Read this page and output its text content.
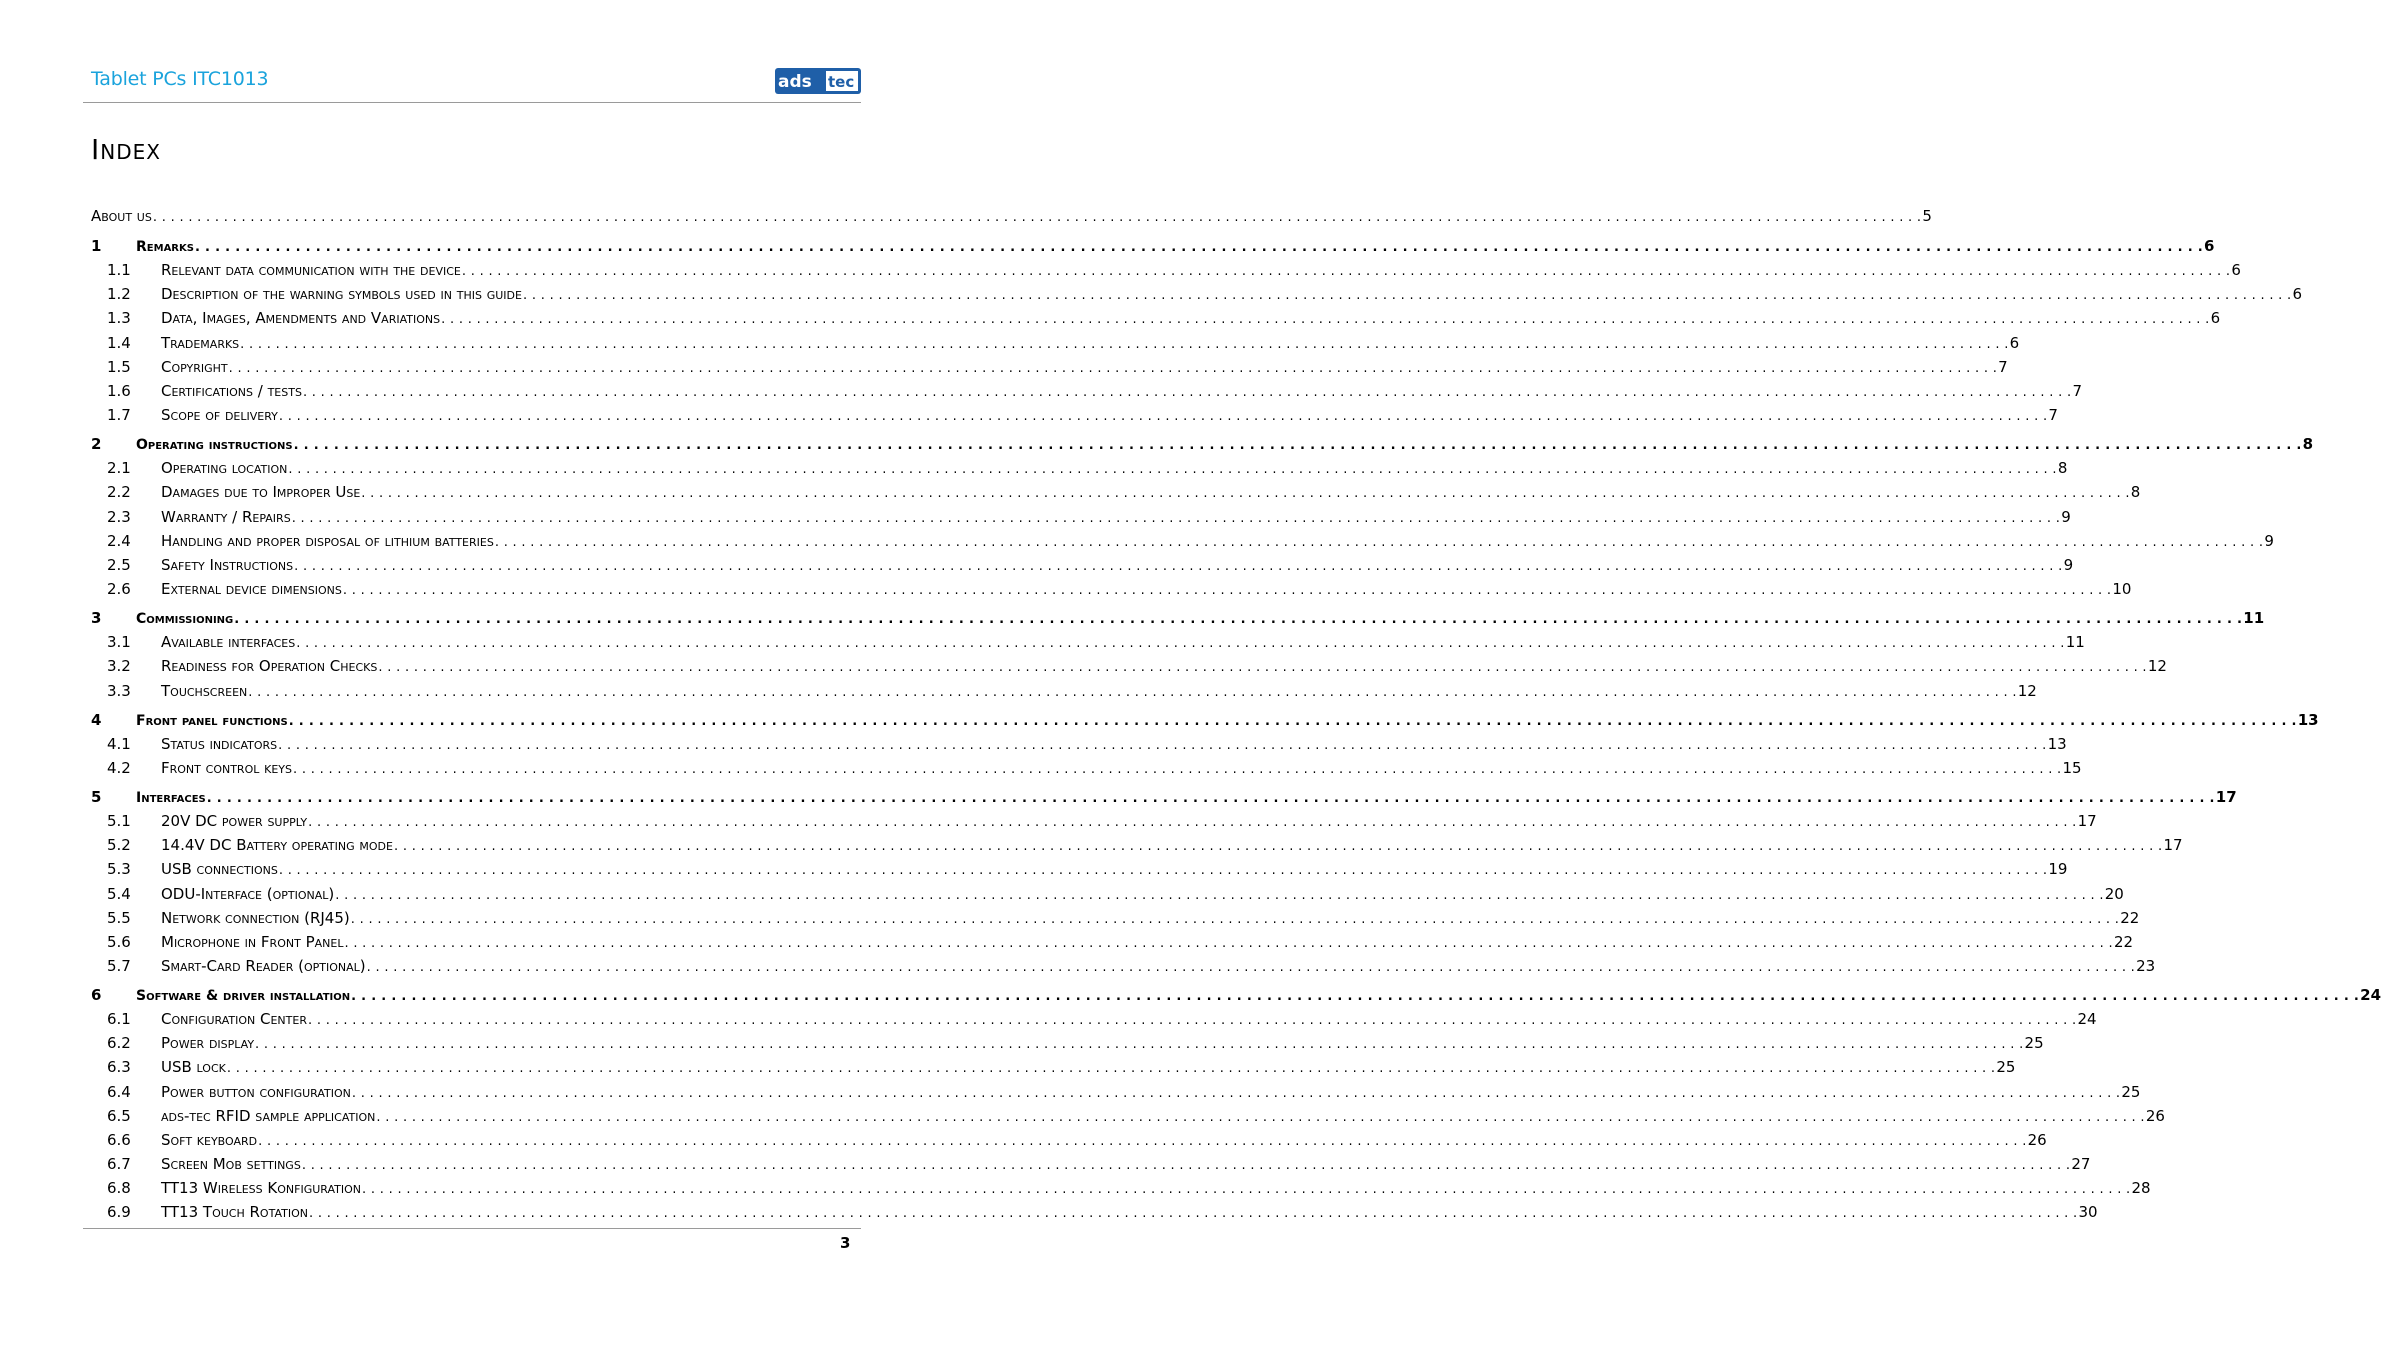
Tablet PCs ITC1013	ads tec
Index
About us . . . . . . . . . . . . . . . . . . . . . . . . . . . . . . . . . . . . . . . . . . . . . . . . . . . . . . . . . . . . . . . . . . . . . . . . . . . . . . . . . . . . . . . . . . . . . . . . . . . . . . . . . . . . . . . . . . . . . . . . . . . . . . . . . . . . . . . . . . . . . . . . . . . . . . . . . . . . . . . . . . . . . . . . . . . . . . . . . . . . . . . . . . . . . . . . . . . . . . . . 5
1 Remarks . . . . . . . . . . . . . . . . . . . . . . . . . . . . . . . . . . . . . . . . . . . . . . . . . . . . . . . . . . . . . . . . . . . . . . . . . . . . . . . . . . . . . . . . . . . . . . . . . . . . . . . . . . . . . . . . . . . . . . . . . . . . . . . . . . . . . . . . . . . . . . . . . . . . . . . . . . . . . . . . . . . . . . . . . . . . . . . . . . . . . . . . . . . . . . . . . . . . . . . . 6
1.1 Relevant data communication with the device . . . . . . . . . . . . . . . . . . . . . . . . . . . . . . . . . . . . . . . . . . . . . . . . . . . . . . . . . . . . . . . . . . . . . . . . . . . . . . . . . . . . . . . . . . . . . . . . . . . . . . . . . . . . . . . . . . . . . . . . . . . . . . . . . . . . . . . . . . . . . . . . . . . . . . . . . . . . . . . . . . . . . . . . . . . . . . . . . . . . . . . . . . . . . . . . . . . . . . . . 6
1.2 Description of the warning symbols used in this guide . . . . . . . . . . . . . . . . . . . . . . . . . . . . . . . . . . . . . . . . . . . . . . . . . . . . . . . . . . . . . . . . . . . . . . . . . . . . . . . . . . . . . . . . . . . . . . . . . . . . . . . . . . . . . . . . . . . . . . . . . . . . . . . . . . . . . . . . . . . . . . . . . . . . . . . . . . . . . . . . . . . . . . . . . . . . . . . . . . . . . . . . . . . . . . . . . . . . . . . . 6
1.3 Data, Images, Amendments and Variations . . . . . . . . . . . . . . . . . . . . . . . . . . . . . . . . . . . . . . . . . . . . . . . . . . . . . . . . . . . . . . . . . . . . . . . . . . . . . . . . . . . . . . . . . . . . . . . . . . . . . . . . . . . . . . . . . . . . . . . . . . . . . . . . . . . . . . . . . . . . . . . . . . . . . . . . . . . . . . . . . . . . . . . . . . . . . . . . . . . . . . . . . . . . . . . . . . . . . . . . 6
1.4 Trademarks . . . . . . . . . . . . . . . . . . . . . . . . . . . . . . . . . . . . . . . . . . . . . . . . . . . . . . . . . . . . . . . . . . . . . . . . . . . . . . . . . . . . . . . . . . . . . . . . . . . . . . . . . . . . . . . . . . . . . . . . . . . . . . . . . . . . . . . . . . . . . . . . . . . . . . . . . . . . . . . . . . . . . . . . . . . . . . . . . . . . . . . . . . . . . . . . . . . . . . . . 6
1.5 Copyright . . . . . . . . . . . . . . . . . . . . . . . . . . . . . . . . . . . . . . . . . . . . . . . . . . . . . . . . . . . . . . . . . . . . . . . . . . . . . . . . . . . . . . . . . . . . . . . . . . . . . . . . . . . . . . . . . . . . . . . . . . . . . . . . . . . . . . . . . . . . . . . . . . . . . . . . . . . . . . . . . . . . . . . . . . . . . . . . . . . . . . . . . . . . . . . . . . . . . . . . 7
1.6 Certifications / tests . . . . . . . . . . . . . . . . . . . . . . . . . . . . . . . . . . . . . . . . . . . . . . . . . . . . . . . . . . . . . . . . . . . . . . . . . . . . . . . . . . . . . . . . . . . . . . . . . . . . . . . . . . . . . . . . . . . . . . . . . . . . . . . . . . . . . . . . . . . . . . . . . . . . . . . . . . . . . . . . . . . . . . . . . . . . . . . . . . . . . . . . . . . . . . . . . . . . . . . . 7
1.7 Scope of delivery . . . . . . . . . . . . . . . . . . . . . . . . . . . . . . . . . . . . . . . . . . . . . . . . . . . . . . . . . . . . . . . . . . . . . . . . . . . . . . . . . . . . . . . . . . . . . . . . . . . . . . . . . . . . . . . . . . . . . . . . . . . . . . . . . . . . . . . . . . . . . . . . . . . . . . . . . . . . . . . . . . . . . . . . . . . . . . . . . . . . . . . . . . . . . . . . . . . . . . . . 7
2 Operating instructions . . . . . . . . . . . . . . . . . . . . . . . . . . . . . . . . . . . . . . . . . . . . . . . . . . . . . . . . . . . . . . . . . . . . . . . . . . . . . . . . . . . . . . . . . . . . . . . . . . . . . . . . . . . . . . . . . . . . . . . . . . . . . . . . . . . . . . . . . . . . . . . . . . . . . . . . . . . . . . . . . . . . . . . . . . . . . . . . . . . . . . . . . . . . . . . . . . . . . . . . 8
2.1 Operating location . . . . . . . . . . . . . . . . . . . . . . . . . . . . . . . . . . . . . . . . . . . . . . . . . . . . . . . . . . . . . . . . . . . . . . . . . . . . . . . . . . . . . . . . . . . . . . . . . . . . . . . . . . . . . . . . . . . . . . . . . . . . . . . . . . . . . . . . . . . . . . . . . . . . . . . . . . . . . . . . . . . . . . . . . . . . . . . . . . . . . . . . . . . . . . . . . . . . . . . . 8
2.2 Damages due to Improper Use . . . . . . . . . . . . . . . . . . . . . . . . . . . . . . . . . . . . . . . . . . . . . . . . . . . . . . . . . . . . . . . . . . . . . . . . . . . . . . . . . . . . . . . . . . . . . . . . . . . . . . . . . . . . . . . . . . . . . . . . . . . . . . . . . . . . . . . . . . . . . . . . . . . . . . . . . . . . . . . . . . . . . . . . . . . . . . . . . . . . . . . . . . . . . . . . . . . . . . . . 8
2.3 Warranty / Repairs . . . . . . . . . . . . . . . . . . . . . . . . . . . . . . . . . . . . . . . . . . . . . . . . . . . . . . . . . . . . . . . . . . . . . . . . . . . . . . . . . . . . . . . . . . . . . . . . . . . . . . . . . . . . . . . . . . . . . . . . . . . . . . . . . . . . . . . . . . . . . . . . . . . . . . . . . . . . . . . . . . . . . . . . . . . . . . . . . . . . . . . . . . . . . . . . . . . . . . . . 9
2.4 Handling and proper disposal of lithium batteries . . . . . . . . . . . . . . . . . . . . . . . . . . . . . . . . . . . . . . . . . . . . . . . . . . . . . . . . . . . . . . . . . . . . . . . . . . . . . . . . . . . . . . . . . . . . . . . . . . . . . . . . . . . . . . . . . . . . . . . . . . . . . . . . . . . . . . . . . . . . . . . . . . . . . . . . . . . . . . . . . . . . . . . . . . . . . . . . . . . . . . . . . . . . . . . . . . . . . . . . 9
2.5 Safety Instructions . . . . . . . . . . . . . . . . . . . . . . . . . . . . . . . . . . . . . . . . . . . . . . . . . . . . . . . . . . . . . . . . . . . . . . . . . . . . . . . . . . . . . . . . . . . . . . . . . . . . . . . . . . . . . . . . . . . . . . . . . . . . . . . . . . . . . . . . . . . . . . . . . . . . . . . . . . . . . . . . . . . . . . . . . . . . . . . . . . . . . . . . . . . . . . . . . . . . . . . . 9
2.6 External device dimensions . . . . . . . . . . . . . . . . . . . . . . . . . . . . . . . . . . . . . . . . . . . . . . . . . . . . . . . . . . . . . . . . . . . . . . . . . . . . . . . . . . . . . . . . . . . . . . . . . . . . . . . . . . . . . . . . . . . . . . . . . . . . . . . . . . . . . . . . . . . . . . . . . . . . . . . . . . . . . . . . . . . . . . . . . . . . . . . . . . . . . . . . . . . . . . . . . . . . . . . . 10
3 Commissioning . . . . . . . . . . . . . . . . . . . . . . . . . . . . . . . . . . . . . . . . . . . . . . . . . . . . . . . . . . . . . . . . . . . . . . . . . . . . . . . . . . . . . . . . . . . . . . . . . . . . . . . . . . . . . . . . . . . . . . . . . . . . . . . . . . . . . . . . . . . . . . . . . . . . . . . . . . . . . . . . . . . . . . . . . . . . . . . . . . . . . . . . . . . . . . . . . . . . . . . . 11
3.1 Available interfaces . . . . . . . . . . . . . . . . . . . . . . . . . . . . . . . . . . . . . . . . . . . . . . . . . . . . . . . . . . . . . . . . . . . . . . . . . . . . . . . . . . . . . . . . . . . . . . . . . . . . . . . . . . . . . . . . . . . . . . . . . . . . . . . . . . . . . . . . . . . . . . . . . . . . . . . . . . . . . . . . . . . . . . . . . . . . . . . . . . . . . . . . . . . . . . . . . . . . . . . . 11
3.2 Readiness for Operation Checks . . . . . . . . . . . . . . . . . . . . . . . . . . . . . . . . . . . . . . . . . . . . . . . . . . . . . . . . . . . . . . . . . . . . . . . . . . . . . . . . . . . . . . . . . . . . . . . . . . . . . . . . . . . . . . . . . . . . . . . . . . . . . . . . . . . . . . . . . . . . . . . . . . . . . . . . . . . . . . . . . . . . . . . . . . . . . . . . . . . . . . . . . . . . . . . . . . . . . . . . 12
3.3 Touchscreen . . . . . . . . . . . . . . . . . . . . . . . . . . . . . . . . . . . . . . . . . . . . . . . . . . . . . . . . . . . . . . . . . . . . . . . . . . . . . . . . . . . . . . . . . . . . . . . . . . . . . . . . . . . . . . . . . . . . . . . . . . . . . . . . . . . . . . . . . . . . . . . . . . . . . . . . . . . . . . . . . . . . . . . . . . . . . . . . . . . . . . . . . . . . . . . . . . . . . . . . 12
4 Front panel functions . . . . . . . . . . . . . . . . . . . . . . . . . . . . . . . . . . . . . . . . . . . . . . . . . . . . . . . . . . . . . . . . . . . . . . . . . . . . . . . . . . . . . . . . . . . . . . . . . . . . . . . . . . . . . . . . . . . . . . . . . . . . . . . . . . . . . . . . . . . . . . . . . . . . . . . . . . . . . . . . . . . . . . . . . . . . . . . . . . . . . . . . . . . . . . . . . . . . . . . . 13
4.1 Status indicators . . . . . . . . . . . . . . . . . . . . . . . . . . . . . . . . . . . . . . . . . . . . . . . . . . . . . . . . . . . . . . . . . . . . . . . . . . . . . . . . . . . . . . . . . . . . . . . . . . . . . . . . . . . . . . . . . . . . . . . . . . . . . . . . . . . . . . . . . . . . . . . . . . . . . . . . . . . . . . . . . . . . . . . . . . . . . . . . . . . . . . . . . . . . . . . . . . . . . . . . 13
4.2 Front control keys . . . . . . . . . . . . . . . . . . . . . . . . . . . . . . . . . . . . . . . . . . . . . . . . . . . . . . . . . . . . . . . . . . . . . . . . . . . . . . . . . . . . . . . . . . . . . . . . . . . . . . . . . . . . . . . . . . . . . . . . . . . . . . . . . . . . . . . . . . . . . . . . . . . . . . . . . . . . . . . . . . . . . . . . . . . . . . . . . . . . . . . . . . . . . . . . . . . . . . . . 15
5 Interfaces . . . . . . . . . . . . . . . . . . . . . . . . . . . . . . . . . . . . . . . . . . . . . . . . . . . . . . . . . . . . . . . . . . . . . . . . . . . . . . . . . . . . . . . . . . . . . . . . . . . . . . . . . . . . . . . . . . . . . . . . . . . . . . . . . . . . . . . . . . . . . . . . . . . . . . . . . . . . . . . . . . . . . . . . . . . . . . . . . . . . . . . . . . . . . . . . . . . . . . . . 17
5.1 20V DC power supply . . . . . . . . . . . . . . . . . . . . . . . . . . . . . . . . . . . . . . . . . . . . . . . . . . . . . . . . . . . . . . . . . . . . . . . . . . . . . . . . . . . . . . . . . . . . . . . . . . . . . . . . . . . . . . . . . . . . . . . . . . . . . . . . . . . . . . . . . . . . . . . . . . . . . . . . . . . . . . . . . . . . . . . . . . . . . . . . . . . . . . . . . . . . . . . . . . . . . . . . 17
5.2 14.4V DC Battery operating mode . . . . . . . . . . . . . . . . . . . . . . . . . . . . . . . . . . . . . . . . . . . . . . . . . . . . . . . . . . . . . . . . . . . . . . . . . . . . . . . . . . . . . . . . . . . . . . . . . . . . . . . . . . . . . . . . . . . . . . . . . . . . . . . . . . . . . . . . . . . . . . . . . . . . . . . . . . . . . . . . . . . . . . . . . . . . . . . . . . . . . . . . . . . . . . . . . . . . . . . . 17
5.3 USB connections . . . . . . . . . . . . . . . . . . . . . . . . . . . . . . . . . . . . . . . . . . . . . . . . . . . . . . . . . . . . . . . . . . . . . . . . . . . . . . . . . . . . . . . . . . . . . . . . . . . . . . . . . . . . . . . . . . . . . . . . . . . . . . . . . . . . . . . . . . . . . . . . . . . . . . . . . . . . . . . . . . . . . . . . . . . . . . . . . . . . . . . . . . . . . . . . . . . . . . . . 19
5.4 ODU-Interface (optional) . . . . . . . . . . . . . . . . . . . . . . . . . . . . . . . . . . . . . . . . . . . . . . . . . . . . . . . . . . . . . . . . . . . . . . . . . . . . . . . . . . . . . . . . . . . . . . . . . . . . . . . . . . . . . . . . . . . . . . . . . . . . . . . . . . . . . . . . . . . . . . . . . . . . . . . . . . . . . . . . . . . . . . . . . . . . . . . . . . . . . . . . . . . . . . . . . . . . . . . . 20
5.5 Network connection (RJ45) . . . . . . . . . . . . . . . . . . . . . . . . . . . . . . . . . . . . . . . . . . . . . . . . . . . . . . . . . . . . . . . . . . . . . . . . . . . . . . . . . . . . . . . . . . . . . . . . . . . . . . . . . . . . . . . . . . . . . . . . . . . . . . . . . . . . . . . . . . . . . . . . . . . . . . . . . . . . . . . . . . . . . . . . . . . . . . . . . . . . . . . . . . . . . . . . . . . . . . . . 22
5.6 Microphone in Front Panel . . . . . . . . . . . . . . . . . . . . . . . . . . . . . . . . . . . . . . . . . . . . . . . . . . . . . . . . . . . . . . . . . . . . . . . . . . . . . . . . . . . . . . . . . . . . . . . . . . . . . . . . . . . . . . . . . . . . . . . . . . . . . . . . . . . . . . . . . . . . . . . . . . . . . . . . . . . . . . . . . . . . . . . . . . . . . . . . . . . . . . . . . . . . . . . . . . . . . . . . 22
5.7 Smart-Card Reader (optional) . . . . . . . . . . . . . . . . . . . . . . . . . . . . . . . . . . . . . . . . . . . . . . . . . . . . . . . . . . . . . . . . . . . . . . . . . . . . . . . . . . . . . . . . . . . . . . . . . . . . . . . . . . . . . . . . . . . . . . . . . . . . . . . . . . . . . . . . . . . . . . . . . . . . . . . . . . . . . . . . . . . . . . . . . . . . . . . . . . . . . . . . . . . . . . . . . . . . . . . . 23
6 Software & driver installation . . . . . . . . . . . . . . . . . . . . . . . . . . . . . . . . . . . . . . . . . . . . . . . . . . . . . . . . . . . . . . . . . . . . . . . . . . . . . . . . . . . . . . . . . . . . . . . . . . . . . . . . . . . . . . . . . . . . . . . . . . . . . . . . . . . . . . . . . . . . . . . . . . . . . . . . . . . . . . . . . . . . . . . . . . . . . . . . . . . . . . . . . . . . . . . . . . . . . . . . 24
6.1 Configuration Center . . . . . . . . . . . . . . . . . . . . . . . . . . . . . . . . . . . . . . . . . . . . . . . . . . . . . . . . . . . . . . . . . . . . . . . . . . . . . . . . . . . . . . . . . . . . . . . . . . . . . . . . . . . . . . . . . . . . . . . . . . . . . . . . . . . . . . . . . . . . . . . . . . . . . . . . . . . . . . . . . . . . . . . . . . . . . . . . . . . . . . . . . . . . . . . . . . . . . . . . 24
6.2 Power display . . . . . . . . . . . . . . . . . . . . . . . . . . . . . . . . . . . . . . . . . . . . . . . . . . . . . . . . . . . . . . . . . . . . . . . . . . . . . . . . . . . . . . . . . . . . . . . . . . . . . . . . . . . . . . . . . . . . . . . . . . . . . . . . . . . . . . . . . . . . . . . . . . . . . . . . . . . . . . . . . . . . . . . . . . . . . . . . . . . . . . . . . . . . . . . . . . . . . . . . 25
6.3 USB lock . . . . . . . . . . . . . . . . . . . . . . . . . . . . . . . . . . . . . . . . . . . . . . . . . . . . . . . . . . . . . . . . . . . . . . . . . . . . . . . . . . . . . . . . . . . . . . . . . . . . . . . . . . . . . . . . . . . . . . . . . . . . . . . . . . . . . . . . . . . . . . . . . . . . . . . . . . . . . . . . . . . . . . . . . . . . . . . . . . . . . . . . . . . . . . . . . . . . . . . . 25
6.4 Power button configuration . . . . . . . . . . . . . . . . . . . . . . . . . . . . . . . . . . . . . . . . . . . . . . . . . . . . . . . . . . . . . . . . . . . . . . . . . . . . . . . . . . . . . . . . . . . . . . . . . . . . . . . . . . . . . . . . . . . . . . . . . . . . . . . . . . . . . . . . . . . . . . . . . . . . . . . . . . . . . . . . . . . . . . . . . . . . . . . . . . . . . . . . . . . . . . . . . . . . . . . . 25
6.5 ads-tec RFID sample application . . . . . . . . . . . . . . . . . . . . . . . . . . . . . . . . . . . . . . . . . . . . . . . . . . . . . . . . . . . . . . . . . . . . . . . . . . . . . . . . . . . . . . . . . . . . . . . . . . . . . . . . . . . . . . . . . . . . . . . . . . . . . . . . . . . . . . . . . . . . . . . . . . . . . . . . . . . . . . . . . . . . . . . . . . . . . . . . . . . . . . . . . . . . . . . . . . . . . . . . 26
6.6 Soft keyboard . . . . . . . . . . . . . . . . . . . . . . . . . . . . . . . . . . . . . . . . . . . . . . . . . . . . . . . . . . . . . . . . . . . . . . . . . . . . . . . . . . . . . . . . . . . . . . . . . . . . . . . . . . . . . . . . . . . . . . . . . . . . . . . . . . . . . . . . . . . . . . . . . . . . . . . . . . . . . . . . . . . . . . . . . . . . . . . . . . . . . . . . . . . . . . . . . . . . . . . . 26
6.7 Screen Mob settings . . . . . . . . . . . . . . . . . . . . . . . . . . . . . . . . . . . . . . . . . . . . . . . . . . . . . . . . . . . . . . . . . . . . . . . . . . . . . . . . . . . . . . . . . . . . . . . . . . . . . . . . . . . . . . . . . . . . . . . . . . . . . . . . . . . . . . . . . . . . . . . . . . . . . . . . . . . . . . . . . . . . . . . . . . . . . . . . . . . . . . . . . . . . . . . . . . . . . . . . 27
6.8 TT13 Wireless Konfiguration . . . . . . . . . . . . . . . . . . . . . . . . . . . . . . . . . . . . . . . . . . . . . . . . . . . . . . . . . . . . . . . . . . . . . . . . . . . . . . . . . . . . . . . . . . . . . . . . . . . . . . . . . . . . . . . . . . . . . . . . . . . . . . . . . . . . . . . . . . . . . . . . . . . . . . . . . . . . . . . . . . . . . . . . . . . . . . . . . . . . . . . . . . . . . . . . . . . . . . . . 28
6.9 TT13 Touch Rotation . . . . . . . . . . . . . . . . . . . . . . . . . . . . . . . . . . . . . . . . . . . . . . . . . . . . . . . . . . . . . . . . . . . . . . . . . . . . . . . . . . . . . . . . . . . . . . . . . . . . . . . . . . . . . . . . . . . . . . . . . . . . . . . . . . . . . . . . . . . . . . . . . . . . . . . . . . . . . . . . . . . . . . . . . . . . . . . . . . . . . . . . . . . . . . . . . . . . . . . . 30
3
